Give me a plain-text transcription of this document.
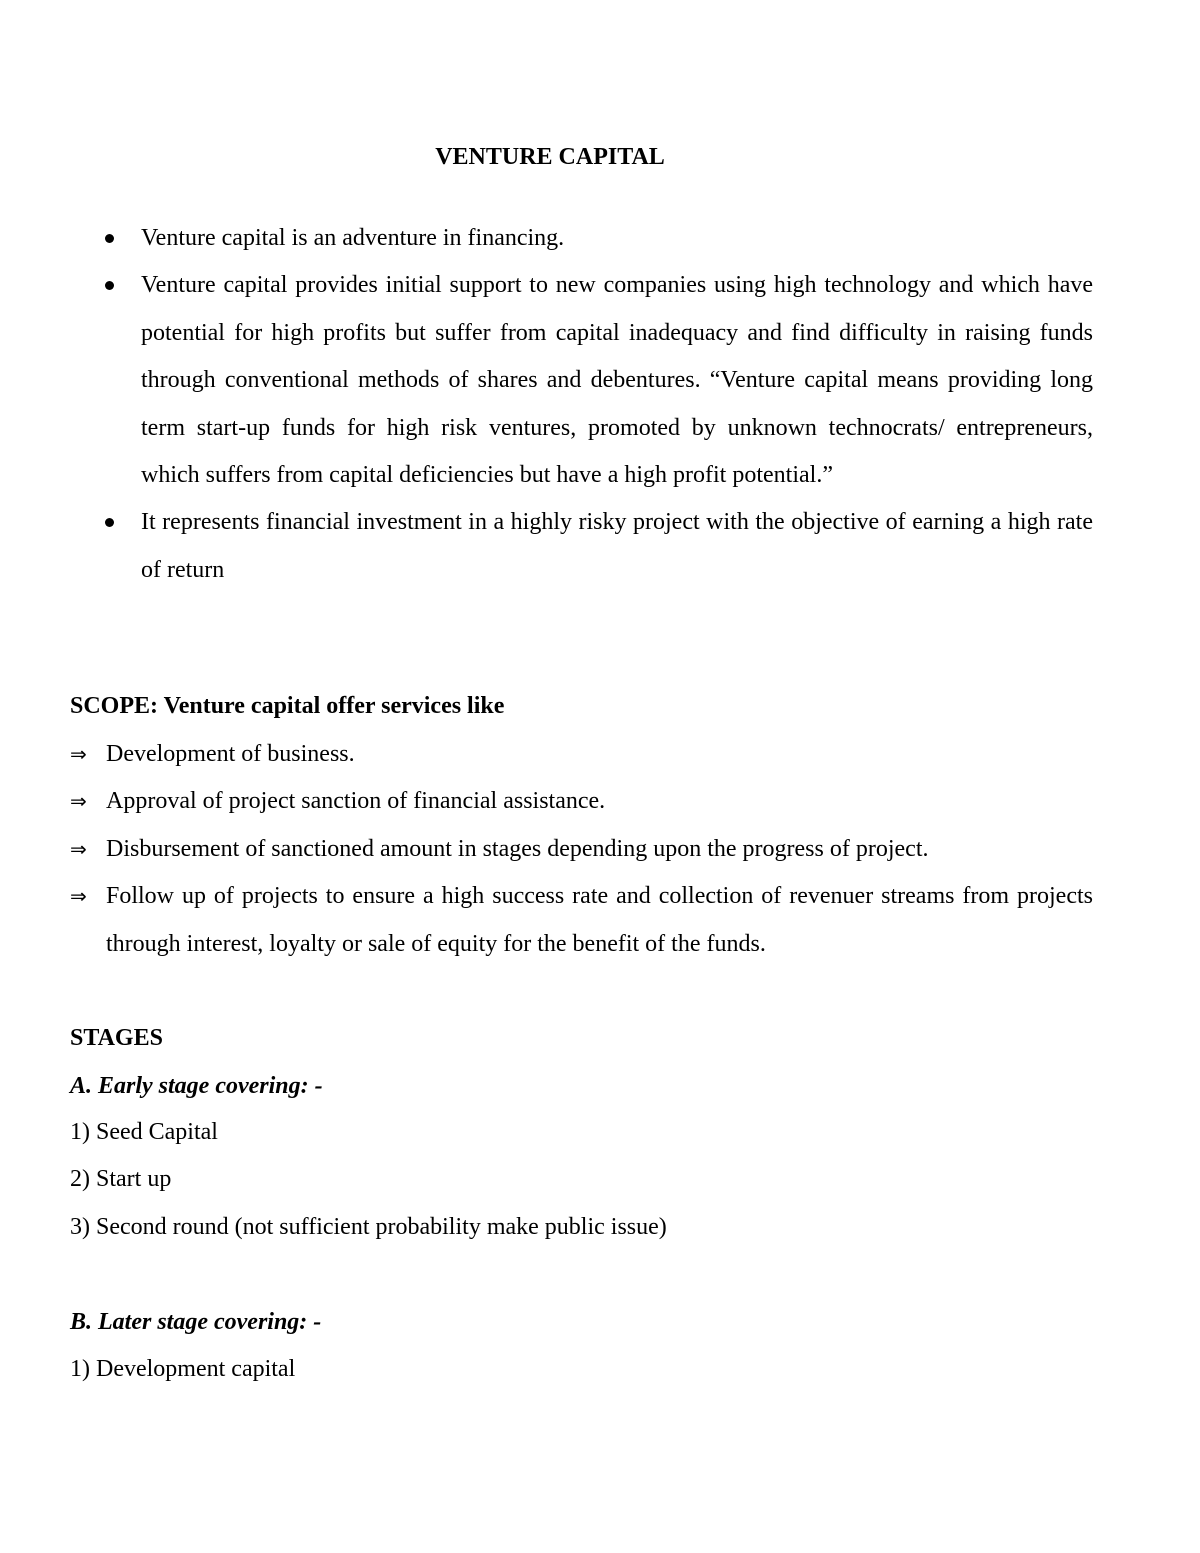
VENTURE CAPITAL
Venture capital is an adventure in financing.
Venture capital provides initial support to new companies using high technology and which have potential for high profits but suffer from capital inadequacy and find difficulty in raising funds through conventional methods of shares and debentures. “Venture capital means providing long term start-up funds for high risk ventures, promoted by unknown technocrats/ entrepreneurs, which suffers from capital deficiencies but have a high profit potential.”
It represents financial investment in a highly risky project with the objective of earning a high rate of return

SCOPE: Venture capital offer services like

⇒ Development of business.
⇒ Approval of project sanction of financial assistance.
⇒ Disbursement of sanctioned amount in stages depending upon the progress of project.
⇒ Follow up of projects to ensure a high success rate and collection of revenuer streams from projects through interest, loyalty or sale of equity for the benefit of the funds.

STAGES

A. Early stage covering: -

1) Seed Capital
2) Start up
3) Second round (not sufficient probability make public issue)

B. Later stage covering: -

1) Development capital
